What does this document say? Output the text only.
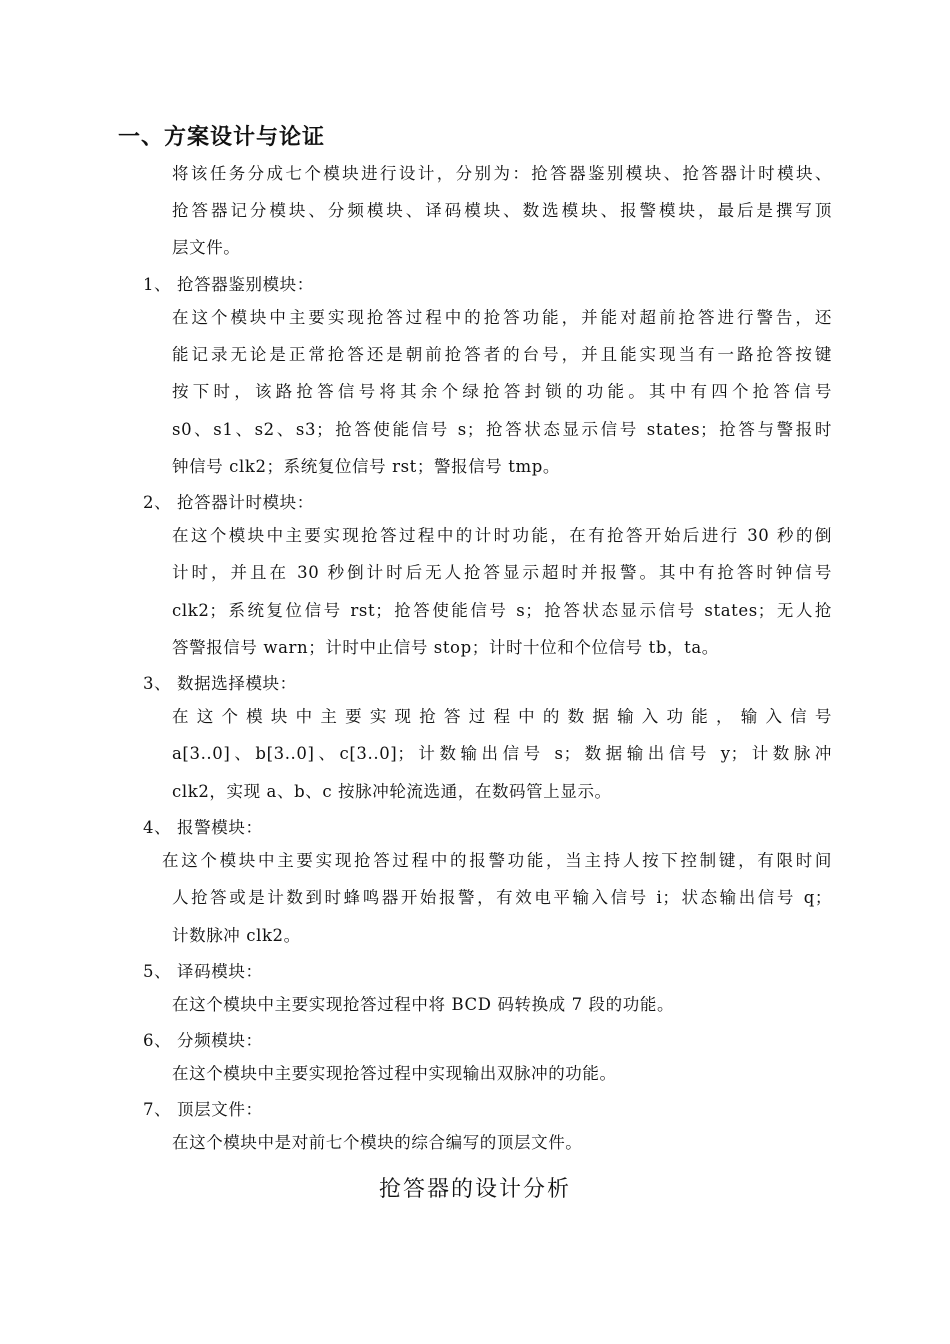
一、方案设计与论证
将该任务分成七个模块进行设计，分别为：抢答器鉴别模块、抢答器计时模块、
抢答器记分模块、分频模块、译码模块、数选模块、报警模块，最后是撰写顶
层文件。
1、 抢答器鉴别模块：
在这个模块中主要实现抢答过程中的抢答功能，并能对超前抢答进行警告，还
能记录无论是正常抢答还是朝前抢答者的台号，并且能实现当有一路抢答按键
按下时，该路抢答信号将其余个绿抢答封锁的功能。其中有四个抢答信号
s0、s1、s2、s3；抢答使能信号 s；抢答状态显示信号 states；抢答与警报时
钟信号 clk2；系统复位信号 rst；警报信号 tmp。
2、 抢答器计时模块：
在这个模块中主要实现抢答过程中的计时功能，在有抢答开始后进行 30 秒的倒
计时，并且在 30 秒倒计时后无人抢答显示超时并报警。其中有抢答时钟信号
clk2；系统复位信号 rst；抢答使能信号 s；抢答状态显示信号 states；无人抢
答警报信号 warn；计时中止信号 stop；计时十位和个位信号 tb，ta。
3、 数据选择模块：
在这个模块中主要实现抢答过程中的数据输入功能，输入信号
a[3..0]、b[3..0]、c[3..0]；计数输出信号 s；数据输出信号 y；计数脉冲
clk2，实现 a、b、c 按脉冲轮流选通，在数码管上显示。
4、 报警模块：
在这个模块中主要实现抢答过程中的报警功能，当主持人按下控制键，有限时间
人抢答或是计数到时蜂鸣器开始报警，有效电平输入信号 i；状态输出信号 q；
计数脉冲 clk2。
5、 译码模块：
在这个模块中主要实现抢答过程中将 BCD 码转换成 7 段的功能。
6、 分频模块：
在这个模块中主要实现抢答过程中实现输出双脉冲的功能。
7、 顶层文件：
在这个模块中是对前七个模块的综合编写的顶层文件。
抢答器的设计分析
